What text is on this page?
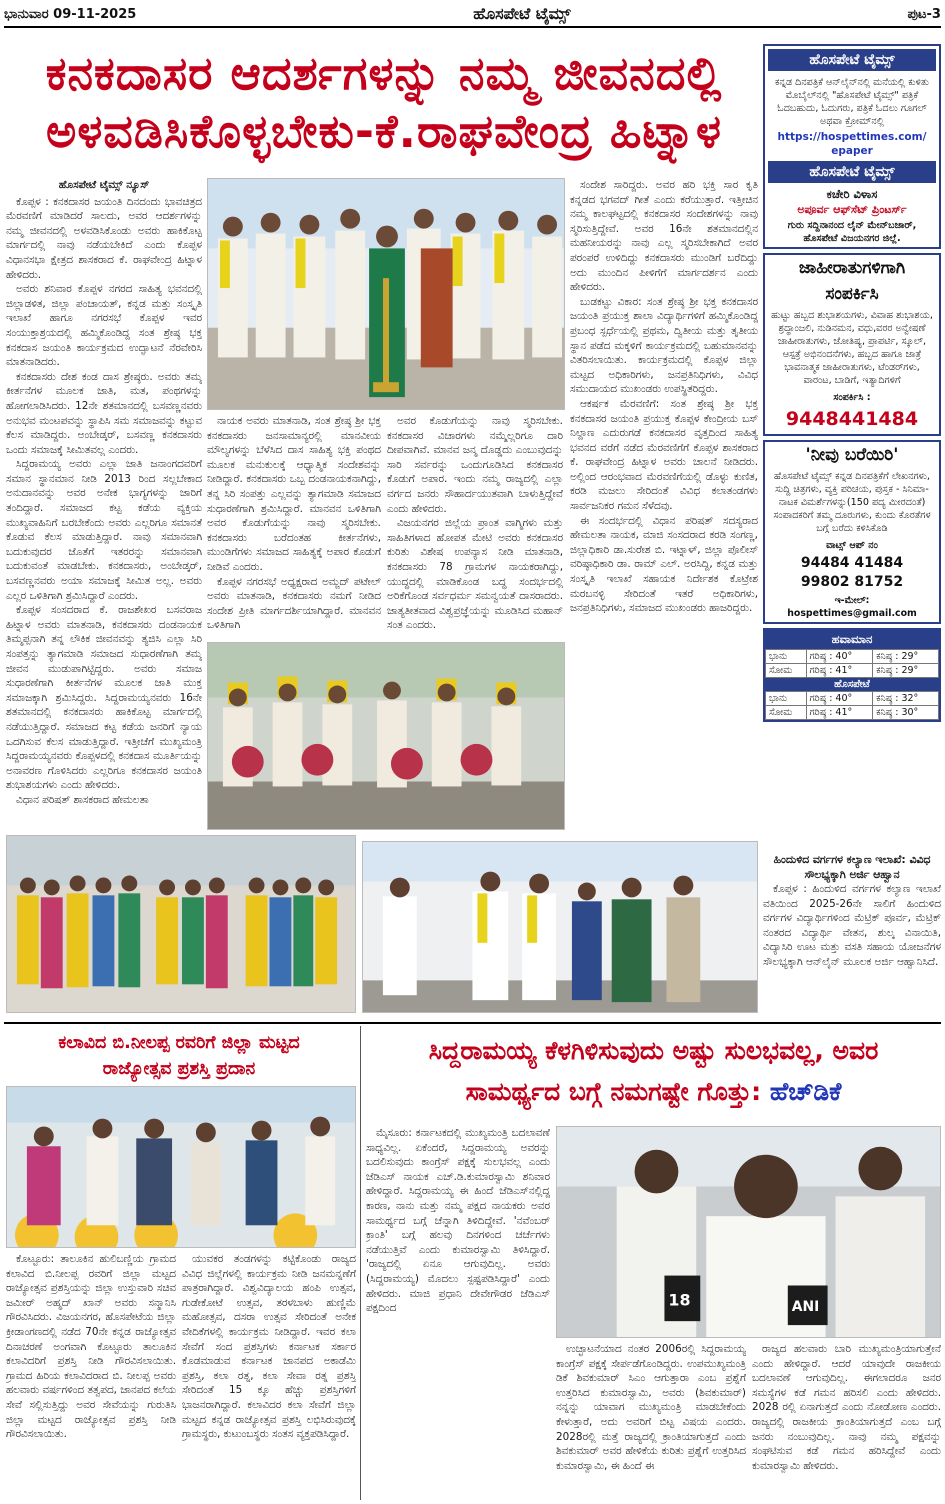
ಭಾನುವಾರ 09-11-2025	ಹೊಸಪೇಟೆ ಟೈಮ್ಸ್	ಪುಟ-3
ಕನಕದಾಸರ ಆದರ್ಶಗಳನ್ನು ನಮ್ಮ ಜೀವನದಲ್ಲಿ
ಅಳವಡಿಸಿಕೊಳ್ಳಬೇಕು-ಕೆ.ರಾಘವೇಂದ್ರ ಹಿಟ್ನಾಳ
ಹೊಸಪೇಟೆ ಟೈಮ್ಸ್ ನ್ಯೂಸ್

ಕೊಪ್ಪಳ : ಕನಕದಾಸರ ಜಯಂತಿ ದಿನದಂದು ಭಾವಚಿತ್ರದ ಮೆರವಣಿಗೆ ಮಾಡಿದರೆ ಸಾಲದು, ಅವರ ಆದರ್ಶಗಳನ್ನು ನಮ್ಮ ಜೀವನದಲ್ಲಿ ಅಳವಡಿಸಿಕೊಂಡು ಅವರು ಹಾಕಿಕೊಟ್ಟ ಮಾರ್ಗದಲ್ಲಿ ನಾವು ನಡೆಯಬೇಕಿದೆ ಎಂದು ಕೊಪ್ಪಳ ವಿಧಾನಸಭಾ ಕ್ಷೇತ್ರದ ಶಾಸಕರಾದ ಕೆ. ರಾಘವೇಂದ್ರ ಹಿಟ್ನಾಳ ಹೇಳಿದರು.

ಅವರು ಶನಿವಾರ ಕೊಪ್ಪಳ ನಗರದ ಸಾಹಿತ್ಯ ಭವನದಲ್ಲಿ ಜಿಲ್ಲಾಡಳಿತ, ಜಿಲ್ಲಾ ಪಂಚಾಯತ್, ಕನ್ನಡ ಮತ್ತು ಸಂಸ್ಕೃತಿ ಇಲಾಖೆ ಹಾಗೂ ನಗರಸಭೆ ಕೊಪ್ಪಳ ಇವರ ಸಂಯುಕ್ತಾಶ್ರಯದಲ್ಲಿ ಹಮ್ಮಿಕೊಂಡಿದ್ದ ಸಂತ ಶ್ರೇಷ್ಠ ಭಕ್ತ ಕನಕದಾಸ ಜಯಂತಿ ಕಾರ್ಯಕ್ರಮದ ಉದ್ಘಾಟನೆ ನೆರವೇರಿಸಿ ಮಾತನಾಡಿದರು.

ಕನಕದಾಸರು ದೇಶ ಕಂಡ ದಾಸ ಶ್ರೇಷ್ಠರು. ಅವರು ತಮ್ಮ ಕೀರ್ತನೆಗಳ ಮೂಲಕ ಜಾತಿ, ಮತ, ಪಂಥಗಳನ್ನು ಹೋಗಲಾಡಿಸಿದರು. 12ನೇ ಶತಮಾನದಲ್ಲಿ ಬಸವಣ್ಣನವರು ಅನುಭವ ಮಂಟಪವನ್ನು ಸ್ಥಾಪಿಸಿ ಸಮ ಸಮಾಜವನ್ನು ಕಟ್ಟುವ ಕೆಲಸ ಮಾಡಿದ್ದರು. ಅಂಬೇಡ್ಕರ್, ಬಸವಣ್ಣ ಕನಕದಾಸರು ಒಂದು ಸಮಾಜಕ್ಕೆ ಸೀಮಿತವಲ್ಲ ಎಂದರು.

ಸಿದ್ದರಾಮಯ್ಯ ಅವರು ಎಲ್ಲಾ ಜಾತಿ ಜನಾಂಗದವರಿಗೆ ಸಮಾನ ಸ್ಥಾನಮಾನ ನೀಡಿ 2013 ರಿಂದ ಸಲ್ಲಬೇಕಾದ ಅನುದಾನವನ್ನು ಅವರ ಅನೇಕ ಭಾಗ್ಯಗಳನ್ನು ಜಾರಿಗೆ ತಂದಿದ್ದಾರೆ. ಸಮಾಜದ ಕಟ್ಟ ಕಡೆಯ ವ್ಯಕ್ತಿಯ ಮುಖ್ಯವಾಹಿನಿಗೆ ಬರಬೇಕೆಂದು ಅವರು ಎಲ್ಲರಿಗೂ ಸಮಾನತೆ ಕೊಡುವ ಕೆಲಸ ಮಾಡುತ್ತಿದ್ದಾರೆ. ನಾವು ಸಮಾನವಾಗಿ ಬದುಕುವುದರ ಜೊತೆಗೆ ಇತರರನ್ನು ಸಮಾನವಾಗಿ ಬದುಕುವಂತೆ ಮಾಡಬೇಕು. ಕನಕದಾಸರು, ಅಂಬೇಡ್ಕರ್, ಬಸವಣ್ಣನವರು ಅಯಾ ಸಮಾಜಕ್ಕೆ ಸೀಮಿತ ಅಲ್ಲ. ಅವರು ಎಲ್ಲರ ಒಳಿತಿಗಾಗಿ ಶ್ರಮಿಸಿದ್ದಾರೆ ಎಂದರು.

ಕೊಪ್ಪಳ ಸಂಸದರಾದ ಕೆ. ರಾಜಶೇಖರ ಬಸವರಾಜ ಹಿಟ್ನಾಳ ಅವರು ಮಾತನಾಡಿ, ಕನಕದಾಸರು ದಂಡನಾಯಕ ತಿಮ್ಮಪ್ಪನಾಗಿ ತನ್ನ ಲೌಕಿಕ ಜೀವನವನ್ನು ತ್ಯಜಿಸಿ ಎಲ್ಲಾ ಸಿರಿ ಸಂಪತ್ತನ್ನು ತ್ಯಾಗಮಾಡಿ ಸಮಾಜದ ಸುಧಾರಣೆಗಾಗಿ ತಮ್ಮ ಜೀವನ ಮುಡುಪಾಗಿಟ್ಟಿದ್ದರು. ಅವರು ಸಮಾಜ ಸುಧಾರಣೆಗಾಗಿ ಕೀರ್ತನೆಗಳ ಮೂಲಕ ಜಾತಿ ಮುಕ್ತ ಸಮಾಜಕ್ಕಾಗಿ ಶ್ರಮಿಸಿದ್ದರು. ಸಿದ್ದರಾಮಯ್ಯನವರು 16ನೇ ಶತಮಾನದಲ್ಲಿ ಕನಕದಾಸರು ಹಾಕಿಕೊಟ್ಟ ಮಾರ್ಗದಲ್ಲಿ ನಡೆಯುತ್ತಿದ್ದಾರೆ. ಸಮಾಜದ ಕಟ್ಟ ಕಡೆಯ ಜನರಿಗೆ ನ್ಯಾಯ ಒದಗಿಸುವ ಕೆಲಸ ಮಾಡುತ್ತಿದ್ದಾರೆ. ಇತ್ತೀಚೆಗೆ ಮುಖ್ಯಮಂತ್ರಿ ಸಿದ್ದರಾಮಯ್ಯನವರು ಕೊಪ್ಪಳದಲ್ಲಿ ಕನಕದಾಸ ಮೂರ್ತಿಯನ್ನು ಅನಾವರಣ ಗೊಳಿಸಿದರು ಎಲ್ಲರಿಗೂ ಕನಕದಾಸರ ಜಯಂತಿ ಶುಭಾಶಯಗಳು ಎಂದು ಹೇಳಿದರು.

ವಿಧಾನ ಪರಿಷತ್ ಶಾಸಕರಾದ ಹೇಮಲತಾ

ನಾಯಕ ಅವರು ಮಾತನಾಡಿ, ಸಂತ ಶ್ರೇಷ್ಠ ಶ್ರೀ ಭಕ್ತ ಕನಕದಾಸರು ಜನಸಾಮಾನ್ಯರಲ್ಲಿ ಮಾನವೀಯ ಮೌಲ್ಯಗಳನ್ನು ಬೆಳೆಸಿದ ದಾಸ ಸಾಹಿತ್ಯ ಭಕ್ತಿ ಪಂಥದ ಮೂಲಕ ಮನುಕುಲಕ್ಕೆ ಆಧ್ಯಾತ್ಮಿಕ ಸಂದೇಶವನ್ನು ನೀಡಿದ್ದಾರೆ. ಕನಕದಾಸರು ಒಬ್ಬ ದಂಡನಾಯಕನಾಗಿದ್ದು, ತನ್ನ ಸಿರಿ ಸಂಪತ್ತು ಎಲ್ಲವನ್ನು ತ್ಯಾಗಮಾಡಿ ಸಮಾಜದ ಸುಧಾರಣೆಗಾಗಿ ಶ್ರಮಿಸಿದ್ದಾರೆ. ಮಾನವನ ಒಳಿತಿಗಾಗಿ ಅವರ ಕೊಡುಗೆಯನ್ನು ನಾವು ಸ್ಮರಿಸಬೇಕು. ಕನಕದಾಸರು ಬರೆದಂತಹ ಕೀರ್ತನೆಗಳು, ಮುಂಡಿಗೆಗಳು ಸಮಾಜದ ಸಾಹಿತ್ಯಕ್ಕೆ ಅಪಾರ ಕೊಡುಗೆ ನೀಡಿವೆ ಎಂದರು.

ಕೊಪ್ಪಳ ನಗರಸಭೆ ಅಧ್ಯಕ್ಷರಾದ ಅಮ್ಜದ್ ಪಟೇಲ್ ಅವರು ಮಾತನಾಡಿ, ಕನಕದಾಸರು ನಮಗೆ ನೀಡಿದ ಸಂದೇಶ ಪ್ರೀತಿ ಮಾರ್ಗದರ್ಶಿಯಾಗಿದ್ದಾರೆ. ಮಾನವನ ಒಳಿತಿಗಾಗಿ

ಅವರ ಕೊಡುಗೆಯನ್ನು ನಾವು ಸ್ಮರಿಸಬೇಕು. ಕನಕದಾಸರ ವಿಚಾರಗಳು ನಮ್ಮೆಲ್ಲರಿಗೂ ದಾರಿ ದೀಪವಾಗಿವೆ. ಮಾನವ ಜನ್ಮ ದೊಡ್ಡದು ಎಂಬುವುದನ್ನು ಸಾರಿ ಸರ್ವರನ್ನು ಒಂದುಗೂಡಿಸಿದ ಕನಕದಾಸರ ಕೊಡುಗೆ ಅಪಾರ. ಇಂದು ನಮ್ಮ ರಾಜ್ಯದಲ್ಲಿ ಎಲ್ಲಾ ವರ್ಗದ ಜನರು ಸೌಹಾರ್ದಯುತವಾಗಿ ಬಾಳುತ್ತಿದ್ದೇವೆ ಎಂದು ಹೇಳಿದರು.

ವಿಜಯನಗರ ಜಿಲ್ಲೆಯ ಪ್ರಾಂತ ವಾಗ್ಮಿಗಳು ಮತ್ತು ಸಾಹಿತಿಗಳಾದ ಹೋಪತ ಮೇಟಿ ಅವರು ಕನಕದಾಸರ ಕುರಿತು ವಿಶೇಷ ಉಪನ್ಯಾಸ ನೀಡಿ ಮಾತನಾಡಿ, ಕನಕದಾಸರು 78 ಗ್ರಾಮಗಳ ನಾಯಕರಾಗಿದ್ದು, ಯುದ್ಧದಲ್ಲಿ ಮಾಡಿಕೊಂಡ ಬದ್ಧ ಸಂದರ್ಭದಲ್ಲಿ ಅರಿಕೆಗೊಂಡ ಸರ್ವಧರ್ಮ ಸಮನ್ವಯತೆ ದಾಸರಾದರು. ಜಾತ್ಯತೀತವಾದ ವಿಶ್ವಪ್ರಜ್ಞೆಯನ್ನು ಮೂಡಿಸಿದ ಮಹಾನ್ ಸಂತ ಎಂದರು.

ಸಂದೇಶ ಸಾರಿದ್ದರು. ಅವರ ಹರಿ ಭಕ್ತಿ ಸಾರ ಕೃತಿ ಕನ್ನಡದ ಭಗವದ್ ಗೀತೆ ಎಂದು ಕರೆಯುತ್ತಾರೆ. ಇತ್ತೀಚಿನ ನಮ್ಮ ಕಾಲಘಟ್ಟದಲ್ಲಿ ಕನಕದಾಸರ ಸಂದೇಶಗಳನ್ನು ನಾವು ಸ್ಮರಿಸುತ್ತಿದ್ದೇವೆ. ಅವರ 16ನೇ ಶತಮಾನದಲ್ಲಿನ ಮಹನೀಯರನ್ನು ನಾವು ಎಲ್ಲ ಸ್ಮರಿಸಬೇಕಾಗಿದೆ ಅವರ ಪರಂಪರೆ ಉಳಿದಿದ್ದು ಕನಕದಾಸರು ಮುಂಡಿಗೆ ಬರೆದಿದ್ದು ಅದು ಮುಂದಿನ ಪೀಳಿಗೆಗೆ ಮಾರ್ಗದರ್ಶನ ಎಂದು ಹೇಳಿದರು.

ಬುಡಕಟ್ಟು ವಿಕಾರ: ಸಂತ ಶ್ರೇಷ್ಠ ಶ್ರೀ ಭಕ್ತ ಕನಕದಾಸರ ಜಯಂತಿ ಪ್ರಯುಕ್ತ ಶಾಲಾ ವಿದ್ಯಾರ್ಥಿಗಳಿಗೆ ಹಮ್ಮಿಕೊಂಡಿದ್ದ ಪ್ರಬಂಧ ಸ್ಪರ್ಧೆಯಲ್ಲಿ ಪ್ರಥಮ, ದ್ವಿತೀಯ ಮತ್ತು ತೃತೀಯ ಸ್ಥಾನ ಪಡೆದ ಮಕ್ಕಳಿಗೆ ಕಾರ್ಯಕ್ರಮದಲ್ಲಿ ಬಹುಮಾನವನ್ನು ವಿತರಿಸಲಾಯಿತು. ಕಾರ್ಯಕ್ರಮದಲ್ಲಿ ಕೊಪ್ಪಳ ಜಿಲ್ಲಾ ಮಟ್ಟದ ಅಧಿಕಾರಿಗಳು, ಜನಪ್ರತಿನಿಧಿಗಳು, ವಿವಿಧ ಸಮುದಾಯದ ಮುಖಂಡರು ಉಪಸ್ಥಿತರಿದ್ದರು.

ಆಕರ್ಷಕ ಮೆರವಣಿಗೆ: ಸಂತ ಶ್ರೇಷ್ಠ ಶ್ರೀ ಭಕ್ತ ಕನಕದಾಸರ ಜಯಂತಿ ಪ್ರಯುಕ್ತ ಕೊಪ್ಪಳ ಕೇಂದ್ರೀಯ ಬಸ್ ನಿಲ್ದಾಣ ಎದುರುಗಡೆ ಕನಕದಾಸರ ವೃತ್ತದಿಂದ ಸಾಹಿತ್ಯ ಭವನದ ವರೆಗೆ ನಡೆದ ಮೆರವಣಿಗೆಗೆ ಕೊಪ್ಪಳ ಶಾಸಕರಾದ ಕೆ. ರಾಘವೇಂದ್ರ ಹಿಟ್ನಾಳ ಅವರು ಚಾಲನೆ ನೀಡಿದರು. ಅಲ್ಲಿಂದ ಆರಂಭವಾದ ಮೆರವಣಿಗೆಯಲ್ಲಿ ಡೊಳ್ಳು ಕುಣಿತ, ಕರಡಿ ಮಜಲು ಸೇರಿದಂತೆ ವಿವಿಧ ಕಲಾತಂಡಗಳು ಸಾರ್ವಜನಿಕರ ಗಮನ ಸೆಳೆದವು.

ಈ ಸಂದರ್ಭದಲ್ಲಿ ವಿಧಾನ ಪರಿಷತ್ ಸದಸ್ಯರಾದ ಹೇಮಲತಾ ನಾಯಕ, ಮಾಜಿ ಸಂಸದರಾದ ಕರಡಿ ಸಂಗಣ್ಣ, ಜಿಲ್ಲಾಧಿಕಾರಿ ಡಾ.ಸುರೇಶ ಬಿ. ಇಟ್ನಾಳ್, ಜಿಲ್ಲಾ ಪೊಲೀಸ್ ವರಿಷ್ಠಾಧಿಕಾರಿ ಡಾ. ರಾಮ್ ಎಲ್. ಅರಸಿದ್ದಿ, ಕನ್ನಡ ಮತ್ತು ಸಂಸ್ಕೃತಿ ಇಲಾಖೆ ಸಹಾಯಕ ನಿರ್ದೇಶಕ ಕೊಟ್ರೇಶ ಮರಬನಳ್ಳಿ ಸೇರಿದಂತೆ ಇತರೆ ಅಧಿಕಾರಿಗಳು, ಜನಪ್ರತಿನಿಧಿಗಳು, ಸಮಾಜದ ಮುಖಂಡರು ಹಾಜರಿದ್ದರು.

ಹೊಸಪೇಟೆ ಟೈಮ್ಸ್
ಕನ್ನಡ ದಿನಪತ್ರಿಕೆ ಆನ್‌ಲೈನ್‌ನಲ್ಲಿ ಮನೆಯಲ್ಲಿ ಕುಳಿತು ಮೊಬೈಲ್‌ನಲ್ಲಿ "ಹೊಸಪೇಟೆ ಟೈಮ್ಸ್" ಪತ್ರಿಕೆ ಓದಬಹುದು, ಓದುಗರು, ಪತ್ರಿಕೆ ಓದಲು ಗೂಗಲ್ ಅಥವಾ ಕ್ರೋಮ್‌ನಲ್ಲಿ
https://hospettimes.com/
epaper
ಹೊಸಪೇಟೆ ಟೈಮ್ಸ್
ಕಚೇರಿ ವಿಳಾಸ
ಅಪೂರ್ವ ಆಫ್‌ಸೆಟ್ ಪ್ರಿಂಟರ್ಸ್
ಗುರು ಸದ್ದಿನಾನಂದ ಲೈನ್ ಮೇನ್‌ಬಜಾರ್, ಹೊಸಪೇಟೆ ವಿಜಯನಗರ ಜಿಲ್ಲೆ.
ಜಾಹೀರಾತುಗಳಿಗಾಗಿ
ಸಂಪರ್ಕಿಸಿ
ಹುಟ್ಟು ಹಬ್ಬದ ಶುಭಾಶಯಗಳು, ವಿವಾಹ ಶುಭಾಶಯ, ಶ್ರದ್ಧಾಂಜಲಿ, ನುಡಿನಮನ, ವಧು,ವರರ ಅನ್ವೇಷಣೆ ಜಾಹೀರಾತುಗಳು, ಜೋತಿಷ್ಯ, ಪ್ರಾಪರ್ಟಿ, ಸ್ಕೂಲ್, ಆಸ್ಪತ್ರೆ ಅಭಿನಂದನೆಗಳು, ಹಬ್ಬದ ಹಾಗೂ ಜಾತ್ರೆ ಭಾವನಾತ್ಮಕ ಜಾಹೀರಾತುಗಳು, ಟೆಂಡರ್‌ಗಳು, ವಾರಂಟ, ಬಾಡಿಗೆ, ಇತ್ಯಾದಿಗಳಿಗೆ
ಸಂಪರ್ಕಿಸಿ :
9448441484
'ನೀವು ಬರೆಯಿರಿ'
ಹೊಸಪೇಟೆ ಟೈಮ್ಸ್ ಕನ್ನಡ ದಿನಪತ್ರಿಕೆಗೆ ಲೇಖನಗಳು, ಸುದ್ದಿ ಚಿತ್ರಗಳು, ವ್ಯಕ್ತಿ ಪರಿಚಯ, ಪುಸ್ತಕ - ಸಿನಿಮಾ-ನಾಟಕ ವಿಮರ್ಶೆಗಳನ್ನು(150 ಪದ್ಯ ಮೀರದಂತೆ) ಸಂಪಾದಕರಿಗೆ ತಮ್ಮ ದೂರುಗಳು, ಕುಂದು ಕೊರತೆಗಳ ಬಗ್ಗೆ ಬರೆದು ಕಳಿಸಿಕೊಡಿ
ವಾಟ್ಸ್ ಆಪ್ ನಂ
94484 41484
99802 81752
ಇ-ಮೇಲ್: hospettimes@gmail.com
ಹವಾಮಾನ
ಭಾನು	ಗರಿಷ್ಠ : 40°	ಕನಿಷ್ಠ : 29°
ಸೋಮ	ಗರಿಷ್ಠ : 41°	ಕನಿಷ್ಠ : 29°
ಹೊಸಪೇಟೆ
ಭಾನು	ಗರಿಷ್ಠ : 40°	ಕನಿಷ್ಠ : 32°
ಸೋಮ	ಗರಿಷ್ಠ : 41°	ಕನಿಷ್ಠ : 30°
ಹಿಂದುಳಿದ ವರ್ಗಗಳ ಕಲ್ಯಾಣ ಇಲಾಖೆ: ವಿವಿಧ ಸೌಲಭ್ಯಕ್ಕಾಗಿ ಅರ್ಜಿ ಆಹ್ವಾನ

ಕೊಪ್ಪಳ : ಹಿಂದುಳಿದ ವರ್ಗಗಳ ಕಲ್ಯಾಣ ಇಲಾಖೆ ವತಿಯಿಂದ 2025-26ನೇ ಸಾಲಿಗೆ ಹಿಂದುಳಿದ ವರ್ಗಗಳ ವಿದ್ಯಾರ್ಥಿಗಳಿಂದ ಮೆಟ್ರಿಕ್ ಪೂರ್ವ, ಮೆಟ್ರಿಕ್ ನಂತರದ ವಿದ್ಯಾರ್ಥಿ ವೇತನ, ಶುಲ್ಕ ವಿನಾಯಿತಿ, ವಿದ್ಯಾಸಿರಿ ಊಟ ಮತ್ತು ವಸತಿ ಸಹಾಯ ಯೋಜನೆಗಳ ಸೌಲಭ್ಯಕ್ಕಾಗಿ ಆನ್‌ಲೈನ್ ಮೂಲಕ ಅರ್ಜಿ ಆಹ್ವಾನಿಸಿದೆ.

ಕಲಾವಿದ ಬಿ.ನೀಲಪ್ಪ ರವರಿಗೆ ಜಿಲ್ಲಾ ಮಟ್ಟದ
ರಾಜ್ಯೋತ್ಸವ ಪ್ರಶಸ್ತಿ ಪ್ರದಾನ

ಕೊಟ್ಟೂರು: ತಾಲೂಕಿನ ಹುಲಿಬಣ್ಣಿಯ ಗ್ರಾಮದ ಕಲಾವಿದ ಬಿ.ನೀಲಪ್ಪ ರವರಿಗೆ ಜಿಲ್ಲಾ ಮಟ್ಟದ ರಾಜ್ಯೋತ್ಸವ ಪ್ರಶಸ್ತಿಯನ್ನು ಜಿಲ್ಲಾ ಉಸ್ತುವಾರಿ ಸಚಿವ ಜಮೀರ್ ಅಹ್ಮದ್ ಖಾನ್ ಅವರು ಸನ್ಮಾನಿಸಿ ಗೌರವಿಸಿದರು. ವಿಜಯನಗರ, ಹೊಸಪೇಟೆಯ ಜಿಲ್ಲಾ ಕ್ರೀಡಾಂಗಣದಲ್ಲಿ ನಡೆದ 70ನೇ ಕನ್ನಡ ರಾಜ್ಯೋತ್ಸವ ದಿನಾಚರಣೆ ಅಂಗವಾಗಿ ಕೊಟ್ಟೂರು ತಾಲೂಕಿನ ಕಲಾವಿದರಿಗೆ ಪ್ರಶಸ್ತಿ ನೀಡಿ ಗೌರವಿಸಲಾಯಿತು. ಗ್ರಾಮದ ಹಿರಿಯ ಕಲಾವಿದರಾದ ಬಿ. ನೀಲಪ್ಪ ಅವರು ಹಲವಾರು ವರ್ಷಗಳಿಂದ ತತ್ವಪದ, ಜಾನಪದ ಕಲೆಯ ಸೇವೆ ಸಲ್ಲಿಸುತ್ತಿದ್ದು ಅವರ ಸೇವೆಯನ್ನು ಗುರುತಿಸಿ ಜಿಲ್ಲಾ ಮಟ್ಟದ ರಾಜ್ಯೋತ್ಸವ ಪ್ರಶಸ್ತಿ ನೀಡಿ ಗೌರವಿಸಲಾಯಿತು.

ಯುವಕರ ತಂಡಗಳನ್ನು ಕಟ್ಟಿಕೊಂಡು ರಾಜ್ಯದ ವಿವಿಧ ಜಿಲ್ಲೆಗಳಲ್ಲಿ ಕಾರ್ಯಕ್ರಮ ನೀಡಿ ಜನಮನ್ನಣೆಗೆ ಪಾತ್ರರಾಗಿದ್ದಾರೆ. ವಿಶ್ವವಿದ್ಯಾಲಯ ಹಂಪಿ ಉತ್ಸವ, ಗುಡೇಕೋಟೆ ಉತ್ಸವ, ತರಳಬಾಳು ಹುಣ್ಣಿಮೆ ಮಹೋತ್ಸವ, ದಸರಾ ಉತ್ಸವ ಸೇರಿದಂತೆ ಅನೇಕ ವೇದಿಕೆಗಳಲ್ಲಿ ಕಾರ್ಯಕ್ರಮ ನೀಡಿದ್ದಾರೆ. ಇವರ ಕಲಾ ಸೇವೆಗೆ ಸಂದ ಪ್ರಶಸ್ತಿಗಳು ಕರ್ನಾಟಕ ಸರ್ಕಾರ ಕೊಡಮಾಡುವ ಕರ್ನಾಟಕ ಜಾನಪದ ಅಕಾಡೆಮಿ ಪ್ರಶಸ್ತಿ, ಕಲಾ ರತ್ನ, ಕಲಾ ಸೇವಾ ರತ್ನ ಪ್ರಶಸ್ತಿ ಸೇರಿದಂತೆ 15 ಕ್ಕೂ ಹೆಚ್ಚು ಪ್ರಶಸ್ತಿಗಳಿಗೆ ಭಾಜನರಾಗಿದ್ದಾರೆ. ಕಲಾವಿದರ ಕಲಾ ಸೇವೆಗೆ ಜಿಲ್ಲಾ ಮಟ್ಟದ ಕನ್ನಡ ರಾಜ್ಯೋತ್ಸವ ಪ್ರಶಸ್ತಿ ಲಭಿಸಿರುವುದಕ್ಕೆ ಗ್ರಾಮಸ್ಥರು, ಕುಟುಂಬಸ್ಥರು ಸಂತಸ ವ್ಯಕ್ತಪಡಿಸಿದ್ದಾರೆ.

ಸಿದ್ದರಾಮಯ್ಯ ಕೆಳಗಿಳಿಸುವುದು ಅಷ್ಟು ಸುಲಭವಲ್ಲ, ಅವರ
ಸಾಮರ್ಥ್ಯದ ಬಗ್ಗೆ ನಮಗಷ್ಟೇ ಗೊತ್ತು: ಹೆಚ್‌ಡಿಕೆ

ಮೈಸೂರು: ಕರ್ನಾಟಕದಲ್ಲಿ ಮುಖ್ಯಮಂತ್ರಿ ಬದಲಾವಣೆ ಸಾಧ್ಯವಿಲ್ಲ. ಏಕೆಂದರೆ, ಸಿದ್ದರಾಮಯ್ಯ ಅವರನ್ನು ಬದಲಿಸುವುದು ಕಾಂಗ್ರೆಸ್ ಪಕ್ಷಕ್ಕೆ ಸುಲಭವಲ್ಲ ಎಂದು ಜೆಡಿಎಸ್ ನಾಯಕ ಎಚ್.ಡಿ.ಕುಮಾರಸ್ವಾಮಿ ಶನಿವಾರ ಹೇಳಿದ್ದಾರೆ. ಸಿದ್ದರಾಮಯ್ಯ ಈ ಹಿಂದೆ ಜೆಡಿಎಸ್‌ನಲ್ಲಿದ್ದ ಕಾರಣ, ನಾನು ಮತ್ತು ನಮ್ಮ ಪಕ್ಷದ ನಾಯಕರು ಅವರ ಸಾಮರ್ಥ್ಯದ ಬಗ್ಗೆ ಚೆನ್ನಾಗಿ ತಿಳಿದಿದ್ದೇವೆ. 'ನವೆಂಬರ್ ಕ್ರಾಂತಿ' ಬಗ್ಗೆ ಹಲವು ದಿನಗಳಿಂದ ಚರ್ಚೆಗಳು ನಡೆಯುತ್ತಿವೆ ಎಂದು ಕುಮಾರಸ್ವಾಮಿ ತಿಳಿಸಿದ್ದಾರೆ. 'ರಾಜ್ಯದಲ್ಲಿ ಏನೂ ಆಗುವುದಿಲ್ಲ. ಅವರು (ಸಿದ್ದರಾಮಯ್ಯ) ಮೊದಲು ಸ್ಪಷ್ಟಪಡಿಸಿದ್ದಾರೆ' ಎಂದು ಹೇಳಿದರು. ಮಾಜಿ ಪ್ರಧಾನಿ ದೇವೇಗೌಡರ ಜೆಡಿಎಸ್ ಪಕ್ಷದಿಂದ	18	ANI

ಉಚ್ಛಾಟನೆಯಾದ ನಂತರ 2006ರಲ್ಲಿ ಸಿದ್ದರಾಮಯ್ಯ ಕಾಂಗ್ರೆಸ್ ಪಕ್ಷಕ್ಕೆ ಸೇರ್ಪಡೆಗೊಂಡಿದ್ದರು. ಉಪಮುಖ್ಯಮಂತ್ರಿ ಡಿಕೆ ಶಿವಕುಮಾರ್ ಸಿಎಂ ಆಗುತ್ತಾರಾ ಎಂಬ ಪ್ರಶ್ನೆಗೆ ಉತ್ತರಿಸಿದ ಕುಮಾರಸ್ವಾಮಿ, ಅವರು (ಶಿವಕುಮಾರ್) ನನ್ನನ್ನು ಯಾವಾಗ ಮುಖ್ಯಮಂತ್ರಿ ಮಾಡಬೇಕೆಂದು ಕೇಳುತ್ತಾರೆ, ಅದು ಅವರಿಗೆ ಬಿಟ್ಟ ವಿಷಯ ಎಂದರು. 2028ರಲ್ಲಿ ಮತ್ತೆ ರಾಜ್ಯದಲ್ಲಿ ಕ್ರಾಂತಿಯಾಗುತ್ತದೆ ಎಂದು ಶಿವಕುಮಾರ್ ಅವರ ಹೇಳಿಕೆಯ ಕುರಿತು ಪ್ರಶ್ನೆಗೆ ಉತ್ತರಿಸಿದ ಕುಮಾರಸ್ವಾಮಿ, ಈ ಹಿಂದೆ ಈ

ರಾಜ್ಯದ ಹಲವಾರು ಬಾರಿ ಮುಖ್ಯಮಂತ್ರಿಯಾಗುತ್ತೇನೆ ಎಂದು ಹೇಳಿದ್ದಾರೆ. ಆದರೆ ಯಾವುದೇ ರಾಜಕೀಯ ಬದಲಾವಣೆ ಆಗುವುದಿಲ್ಲ. ಈಗಲಾದರೂ ಜನರ ಸಮಸ್ಯೆಗಳ ಕಡೆ ಗಮನ ಹರಿಸಲಿ ಎಂದು ಹೇಳಿದರು. 2028 ರಲ್ಲಿ ಏನಾಗುತ್ತದೆ ಎಂದು ನೋಡೋಣ ಎಂದರು. ರಾಜ್ಯದಲ್ಲಿ ರಾಜಕೀಯ ಕ್ರಾಂತಿಯಾಗುತ್ತದೆ ಎಂಬ ಬಗ್ಗೆ ಜನರು ನಂಬುವುದಿಲ್ಲ. ನಾವು ನಮ್ಮ ಪಕ್ಷವನ್ನು ಸಂಘಟಿಸುವ ಕಡೆ ಗಮನ ಹರಿಸಿದ್ದೇವೆ ಎಂದು ಕುಮಾರಸ್ವಾಮಿ ಹೇಳಿದರು.
